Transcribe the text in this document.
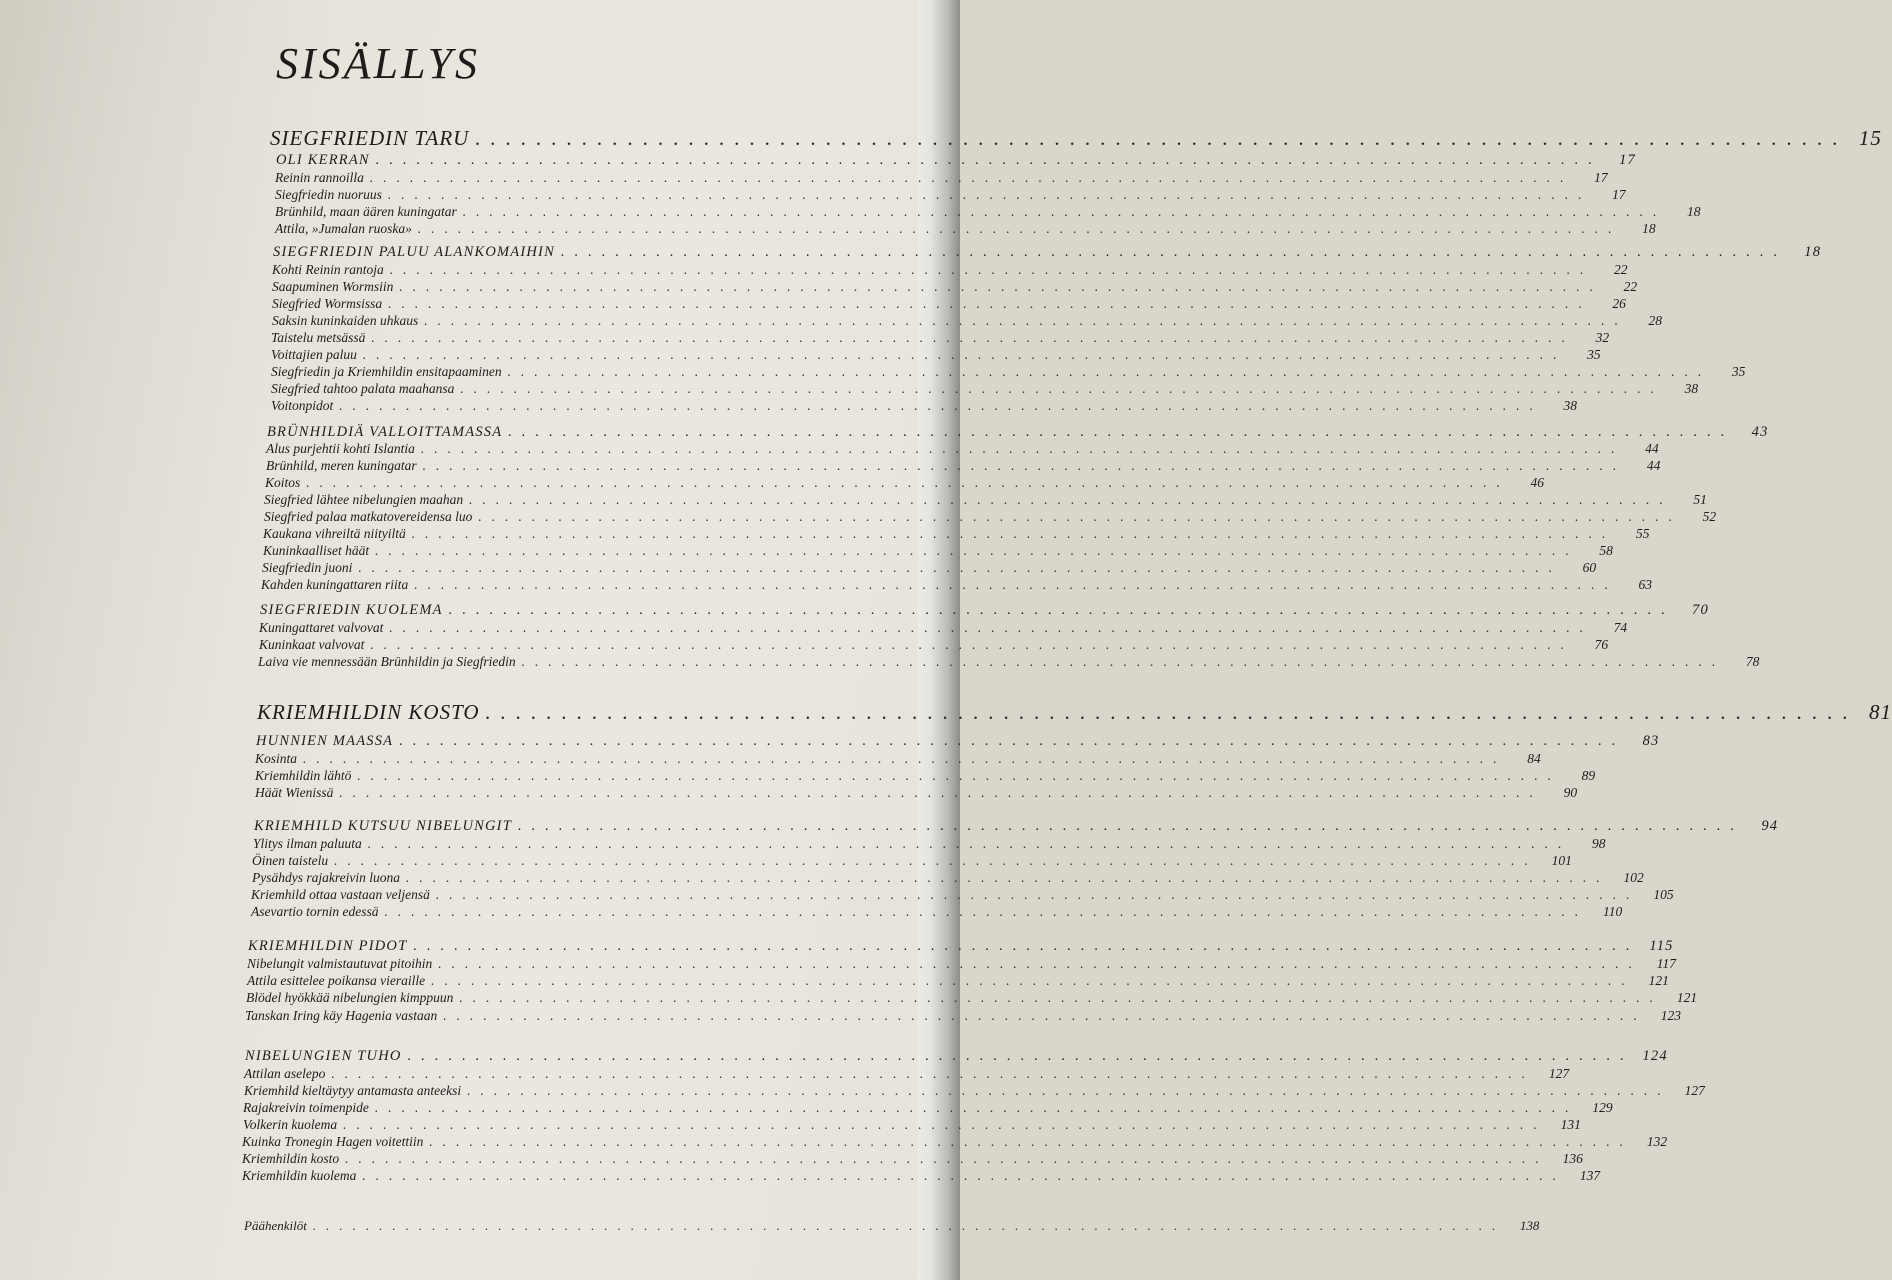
SISÄLLYS
SIEGFRIEDIN TARU .......................................................................................... 15
OLI KERRAN ..........................................................................................	17
Reinin rannoilla ..........................................................................................	17
Siegfriedin nuoruus ..........................................................................................	17
Brünhild, maan äären kuningatar ..........................................................................................	18
Attila, »Jumalan ruoska» ..........................................................................................	18
SIEGFRIEDIN PALUU ALANKOMAIHIN ..........................................................................................	18
Kohti Reinin rantoja ..........................................................................................	22
Saapuminen Wormsiin ..........................................................................................	22
Siegfried Wormsissa ..........................................................................................	26
Saksin kuninkaiden uhkaus ..........................................................................................	28
Taistelu metsässä ..........................................................................................	32
Voittajien paluu ..........................................................................................	35
Siegfriedin ja Kriemhildin ensitapaaminen ..........................................................................................	35
Siegfried tahtoo palata maahansa ..........................................................................................	38
Voitonpidot ..........................................................................................	38
BRÜNHILDIÄ VALLOITTAMASSA ..........................................................................................	43
Alus purjehtii kohti Islantia ..........................................................................................	44
Brünhild, meren kuningatar ..........................................................................................	44
Koitos ..........................................................................................	46
Siegfried lähtee nibelungien maahan ..........................................................................................	51
Siegfried palaa matkatovereidensa luo ..........................................................................................	52
Kaukana vihreiltä niityiltä ..........................................................................................	55
Kuninkaalliset häät ..........................................................................................	58
Siegfriedin juoni ..........................................................................................	60
Kahden kuningattaren riita ..........................................................................................	63
SIEGFRIEDIN KUOLEMA ..........................................................................................	70
Kuningattaret valvovat ..........................................................................................	74
Kuninkaat valvovat ..........................................................................................	76
Laiva vie mennessään Brünhildin ja Siegfriedin ..........................................................................................	78
KRIEMHILDIN KOSTO .......................................................................................... 81
HUNNIEN MAASSA ..........................................................................................	83
Kosinta ..........................................................................................	84
Kriemhildin lähtö ..........................................................................................	89
Häät Wienissä ..........................................................................................	90
KRIEMHILD KUTSUU NIBELUNGIT ..........................................................................................	94
Ylitys ilman paluuta ..........................................................................................	98
Öinen taistelu ..........................................................................................	101
Pysähdys rajakreivin luona ..........................................................................................	102
Kriemhild ottaa vastaan veljensä ..........................................................................................	105
Asevartio tornin edessä ..........................................................................................	110
KRIEMHILDIN PIDOT .......................................................................................... 115
Nibelungit valmistautuvat pitoihin ..........................................................................................	117
Attila esittelee poikansa vieraille ..........................................................................................	121
Blödel hyökkää nibelungien kimppuun ..........................................................................................	121
Tanskan Iring käy Hagenia vastaan ..........................................................................................	123
NIBELUNGIEN TUHO .......................................................................................... 124
Attilan aselepo ..........................................................................................	127
Kriemhild kieltäytyy antamasta anteeksi ..........................................................................................	127
Rajakreivin toimenpide ..........................................................................................	129
Volkerin kuolema ..........................................................................................	131
Kuinka Tronegin Hagen voitettiin ..........................................................................................	132
Kriemhildin kosto ..........................................................................................	136
Kriemhildin kuolema ..........................................................................................	137
Päähenkilöt ..........................................................................................	138
